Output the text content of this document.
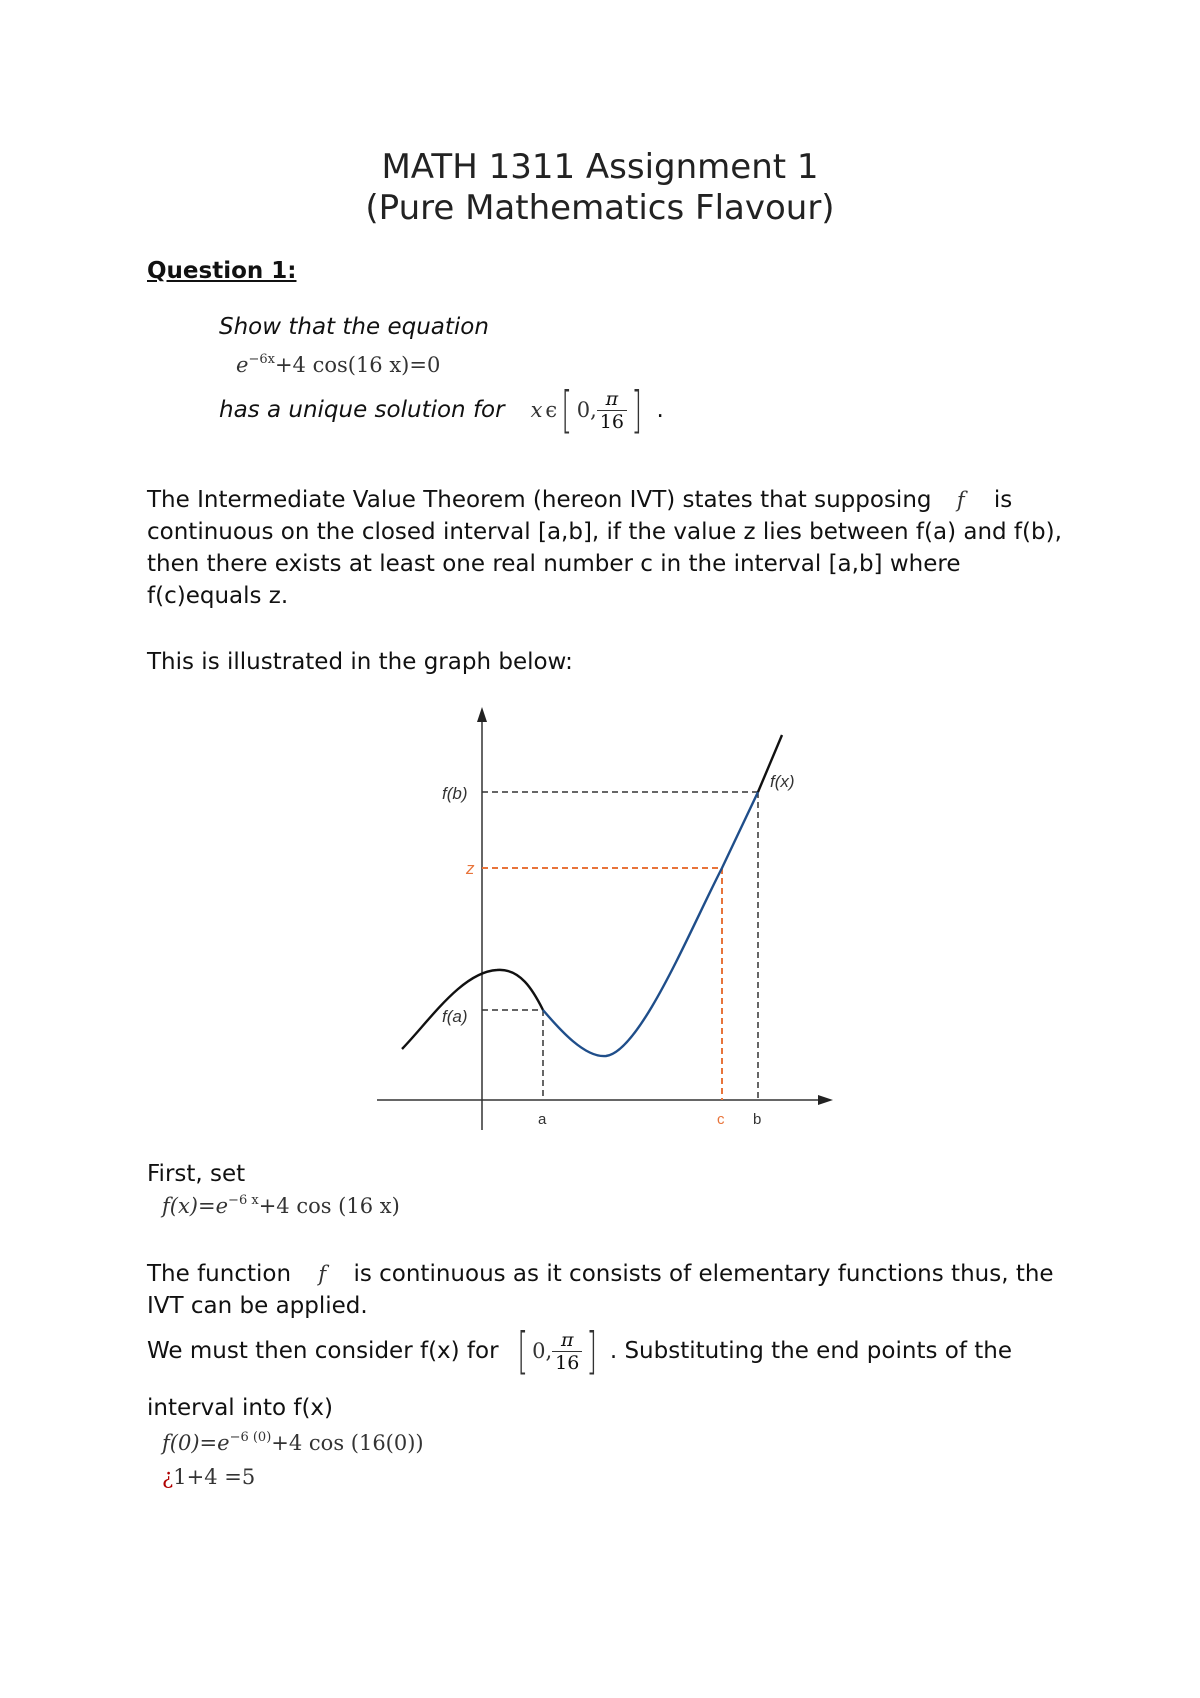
MATH 1311 Assignment 1
(Pure Mathematics Flavour)
Question 1:
Show that the equation
$e^{-6x}+4$ cos(16 x)=0
has a unique solution for x ϵ [ 0, $\frac{\pi}{16}$ ] .
The Intermediate Value Theorem (hereon IVT) states that supposing f is continuous on the closed interval [a,b], if the value z lies between f(a) and f(b), then there exists at least one real number c in the interval [a,b] where f(c)equals z.
This is illustrated in the graph below:
f(b)
z
f(a)
f(x)
a	c b
First, set
$f(x)=e^{-6 x}+4$ cos (16 x)
The function f is continuous as it consists of elementary functions thus, the IVT can be applied.
We must then consider f(x) for [ 0, $\frac{\pi}{16}$ ] . Substituting the end points of the
interval into f(x)
$f(0)=e^{-6 (0)}+4$ cos (16(0))
¿1+4 =5
